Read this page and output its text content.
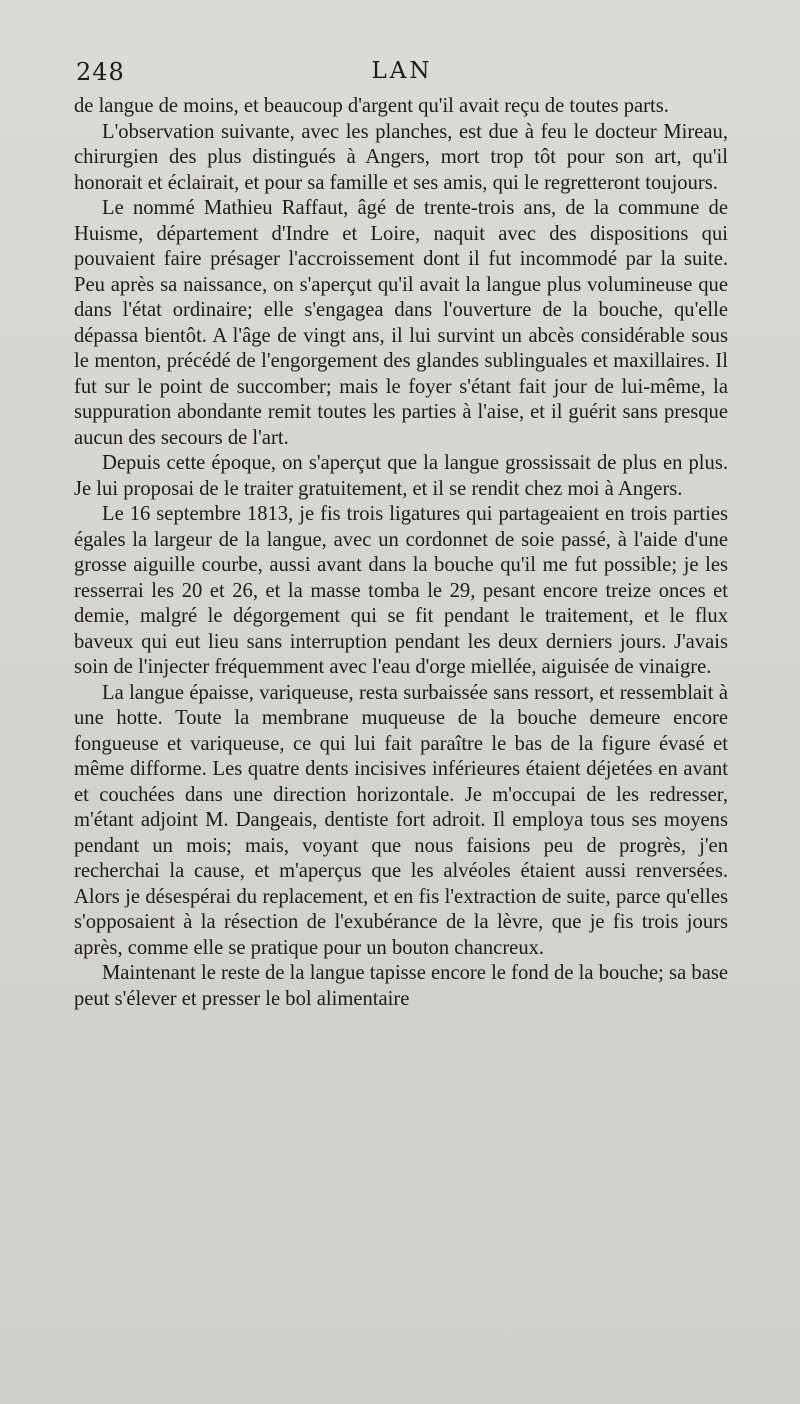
248	LAN

de langue de moins, et beaucoup d'argent qu'il avait reçu de toutes parts.

L'observation suivante, avec les planches, est due à feu le docteur Mireau, chirurgien des plus distingués à Angers, mort trop tôt pour son art, qu'il honorait et éclairait, et pour sa famille et ses amis, qui le regretteront toujours.

Le nommé Mathieu Raffaut, âgé de trente-trois ans, de la commune de Huisme, département d'Indre et Loire, naquit avec des dispositions qui pouvaient faire présager l'accroissement dont il fut incommodé par la suite. Peu après sa naissance, on s'aperçut qu'il avait la langue plus volumineuse que dans l'état ordinaire; elle s'engagea dans l'ouverture de la bouche, qu'elle dépassa bientôt. A l'âge de vingt ans, il lui survint un abcès considérable sous le menton, précédé de l'engorgement des glandes sublinguales et maxillaires. Il fut sur le point de succomber; mais le foyer s'étant fait jour de lui-même, la suppuration abondante remit toutes les parties à l'aise, et il guérit sans presque aucun des secours de l'art.

Depuis cette époque, on s'aperçut que la langue grossissait de plus en plus. Je lui proposai de le traiter gratuitement, et il se rendit chez moi à Angers.

Le 16 septembre 1813, je fis trois ligatures qui partageaient en trois parties égales la largeur de la langue, avec un cordonnet de soie passé, à l'aide d'une grosse aiguille courbe, aussi avant dans la bouche qu'il me fut possible; je les resserrai les 20 et 26, et la masse tomba le 29, pesant encore treize onces et demie, malgré le dégorgement qui se fit pendant le traitement, et le flux baveux qui eut lieu sans interruption pendant les deux derniers jours. J'avais soin de l'injecter fréquemment avec l'eau d'orge miellée, aiguisée de vinaigre.

La langue épaisse, variqueuse, resta surbaissée sans ressort, et ressemblait à une hotte. Toute la membrane muqueuse de la bouche demeure encore fongueuse et variqueuse, ce qui lui fait paraître le bas de la figure évasé et même difforme. Les quatre dents incisives inférieures étaient déjetées en avant et couchées dans une direction horizontale. Je m'occupai de les redresser, m'étant adjoint M. Dangeais, dentiste fort adroit. Il employa tous ses moyens pendant un mois; mais, voyant que nous faisions peu de progrès, j'en recherchai la cause, et m'aperçus que les alvéoles étaient aussi renversées. Alors je désespérai du replacement, et en fis l'extraction de suite, parce qu'elles s'opposaient à la résection de l'exubérance de la lèvre, que je fis trois jours après, comme elle se pratique pour un bouton chancreux.

Maintenant le reste de la langue tapisse encore le fond de la bouche; sa base peut s'élever et presser le bol alimentaire
